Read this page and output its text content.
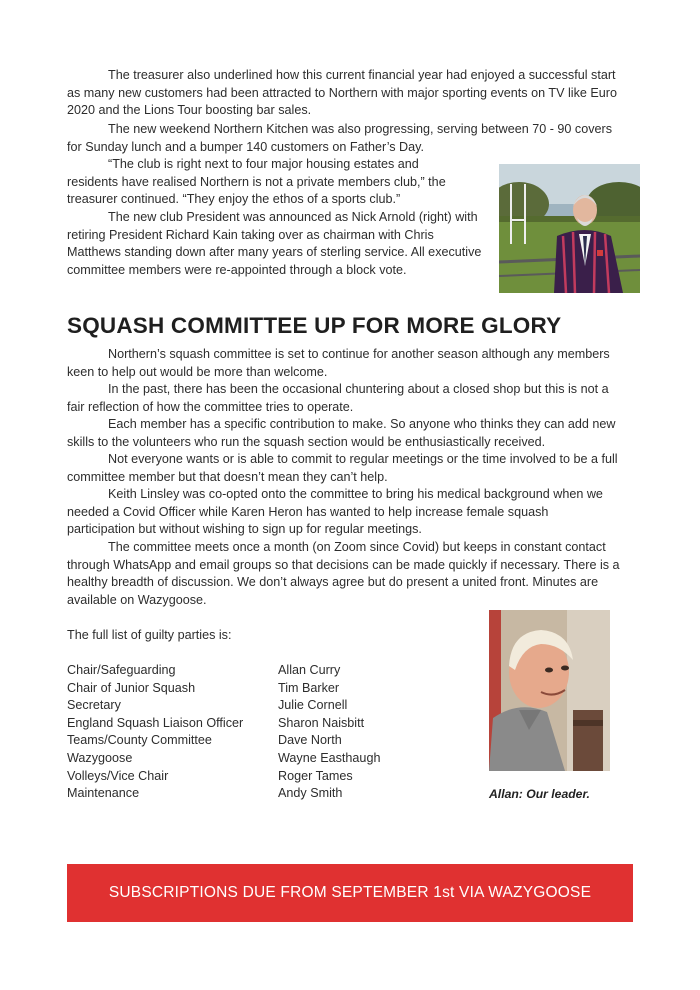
The treasurer also underlined how this current financial year had enjoyed a successful start as many new customers had been attracted to Northern with major sporting events on TV like Euro 2020 and the Lions Tour boosting bar sales.

The new weekend Northern Kitchen was also progressing, serving between 70 - 90 covers for Sunday lunch and a bumper 140 customers on Father’s Day.

“The club is right next to four major housing estates and residents have realised Northern is not a private members club,” the treasurer continued. “They enjoy the ethos of a sports club.”

The new club President was announced as Nick Arnold (right) with retiring President Richard Kain taking over as chairman with Chris Matthews standing down after many years of sterling service. All executive committee members were re-appointed through a block vote.

SQUASH COMMITTEE UP FOR MORE GLORY

Northern’s squash committee is set to continue for another season although any members keen to help out would be more than welcome.

In the past, there has been the occasional chuntering about a closed shop but this is not a fair reflection of how the committee tries to operate.

Each member has a specific contribution to make. So anyone who thinks they can add new skills to the volunteers who run the squash section would be enthusiastically received.

Not everyone wants or is able to commit to regular meetings or the time involved to be a full committee member but that doesn’t mean they can’t help.

Keith Linsley was co-opted onto the committee to bring his medical background when we needed a Covid Officer while Karen Heron has wanted to help increase female squash participation but without wishing to sign up for regular meetings.

The committee meets once a month (on Zoom since Covid) but keeps in constant contact through WhatsApp and email groups so that decisions can be made quickly if necessary. There is a healthy breadth of discussion. We don’t always agree but do present a united front. Minutes are available on Wazygoose.

The full list of guilty parties is:

Chair/Safeguarding	Allan Curry
Chair of Junior Squash	Tim Barker
Secretary	Julie Cornell
England Squash Liaison Officer	Sharon Naisbitt
Teams/County Committee	Dave North
Wazygoose	Wayne Easthaugh
Volleys/Vice Chair	Roger Tames
Maintenance	Andy Smith	Allan: Our leader.
SUBSCRIPTIONS DUE FROM SEPTEMBER 1st VIA WAZYGOOSE
